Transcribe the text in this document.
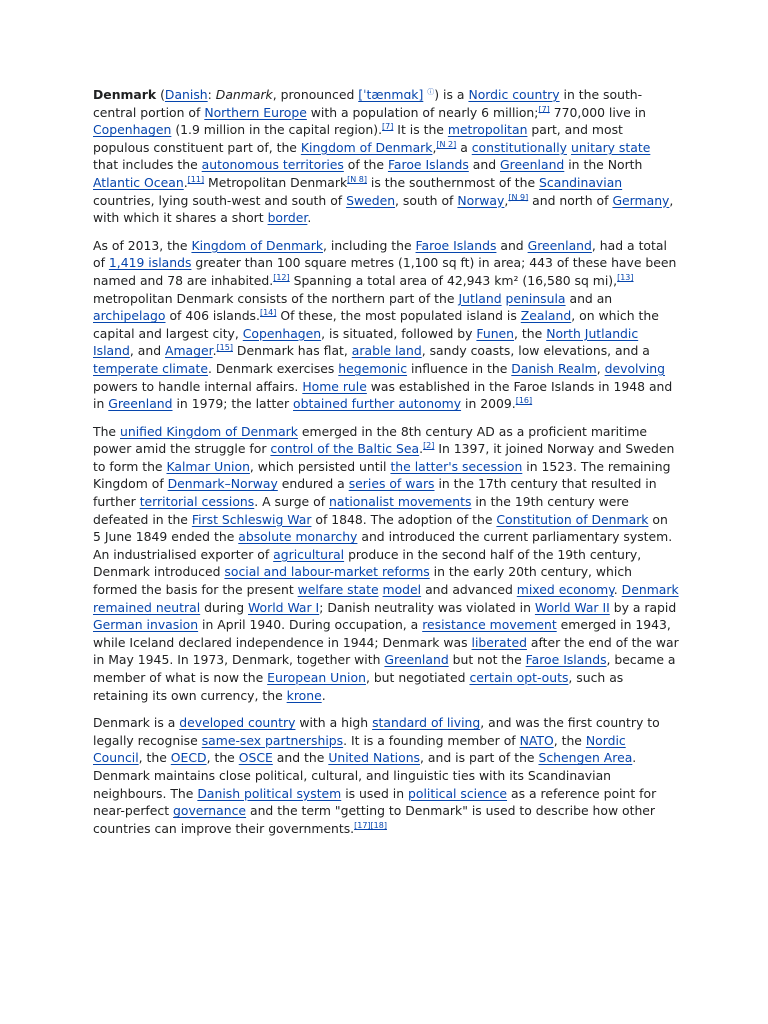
Denmark (Danish: Danmark, pronounced [ˈtænmɑk] ⓘ) is a Nordic country in the south-central portion of Northern Europe with a population of nearly 6 million;[7] 770,000 live in Copenhagen (1.9 million in the capital region).[7] It is the metropolitan part, and most populous constituent part of, the Kingdom of Denmark,[N 2] a constitutionally unitary state that includes the autonomous territories of the Faroe Islands and Greenland in the North Atlantic Ocean.[11] Metropolitan Denmark[N 8] is the southernmost of the Scandinavian countries, lying south-west and south of Sweden, south of Norway,[N 9] and north of Germany, with which it shares a short border.

As of 2013, the Kingdom of Denmark, including the Faroe Islands and Greenland, had a total of 1,419 islands greater than 100 square metres (1,100 sq ft) in area; 443 of these have been named and 78 are inhabited.[12] Spanning a total area of 42,943 km² (16,580 sq mi),[13] metropolitan Denmark consists of the northern part of the Jutland peninsula and an archipelago of 406 islands.[14] Of these, the most populated island is Zealand, on which the capital and largest city, Copenhagen, is situated, followed by Funen, the North Jutlandic Island, and Amager.[15] Denmark has flat, arable land, sandy coasts, low elevations, and a temperate climate. Denmark exercises hegemonic influence in the Danish Realm, devolving powers to handle internal affairs. Home rule was established in the Faroe Islands in 1948 and in Greenland in 1979; the latter obtained further autonomy in 2009.[16]

The unified Kingdom of Denmark emerged in the 8th century AD as a proficient maritime power amid the struggle for control of the Baltic Sea.[2] In 1397, it joined Norway and Sweden to form the Kalmar Union, which persisted until the latter's secession in 1523. The remaining Kingdom of Denmark–Norway endured a series of wars in the 17th century that resulted in further territorial cessions. A surge of nationalist movements in the 19th century were defeated in the First Schleswig War of 1848. The adoption of the Constitution of Denmark on 5 June 1849 ended the absolute monarchy and introduced the current parliamentary system. An industrialised exporter of agricultural produce in the second half of the 19th century, Denmark introduced social and labour-market reforms in the early 20th century, which formed the basis for the present welfare state model and advanced mixed economy. Denmark remained neutral during World War I; Danish neutrality was violated in World War II by a rapid German invasion in April 1940. During occupation, a resistance movement emerged in 1943, while Iceland declared independence in 1944; Denmark was liberated after the end of the war in May 1945. In 1973, Denmark, together with Greenland but not the Faroe Islands, became a member of what is now the European Union, but negotiated certain opt-outs, such as retaining its own currency, the krone.

Denmark is a developed country with a high standard of living, and was the first country to legally recognise same-sex partnerships. It is a founding member of NATO, the Nordic Council, the OECD, the OSCE and the United Nations, and is part of the Schengen Area. Denmark maintains close political, cultural, and linguistic ties with its Scandinavian neighbours. The Danish political system is used in political science as a reference point for near-perfect governance and the term "getting to Denmark" is used to describe how other countries can improve their governments.[17][18]
